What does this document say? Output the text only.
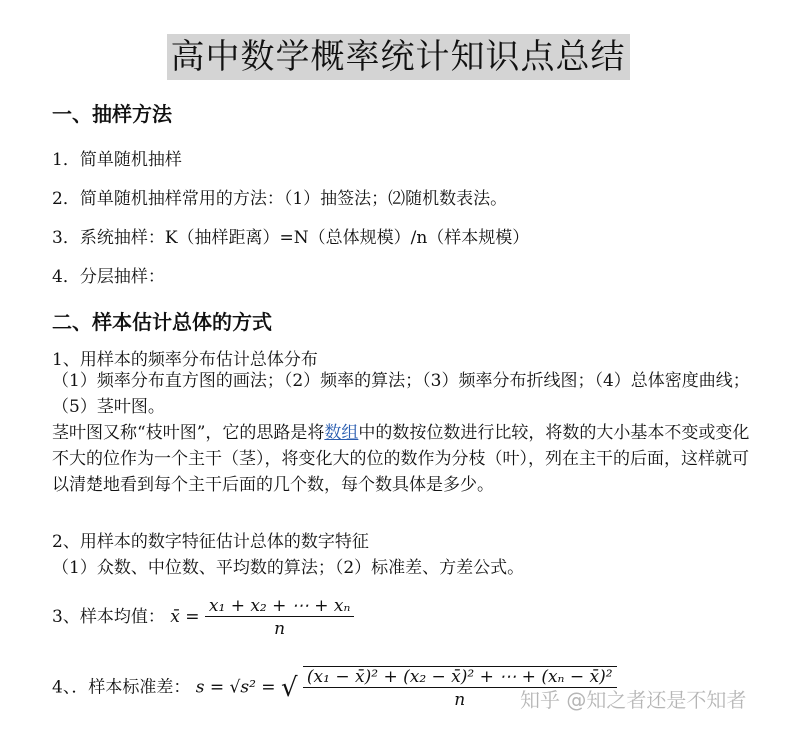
高中数学概率统计知识点总结
一、抽样方法
1．简单随机抽样
2．简单随机抽样常用的方法：（1）抽签法；⑵随机数表法。
3．系统抽样：K（抽样距离）=N（总体规模）/n（样本规模）
4．分层抽样：
二、样本估计总体的方式
1、用样本的频率分布估计总体分布
（1）频率分布直方图的画法；（2）频率的算法；（3）频率分布折线图；（4）总体密度曲线；（5）茎叶图。
茎叶图又称“枝叶图”，它的思路是将数组中的数按位数进行比较，将数的大小基本不变或变化不大的位作为一个主干（茎），将变化大的位的数作为分枝（叶），列在主干的后面，这样就可以清楚地看到每个主干后面的几个数，每个数具体是多少。
2、用样本的数字特征估计总体的数字特征
（1）众数、中位数、平均数的算法；（2）标准差、方差公式。
3、样本均值： x̄ = $\frac{\text{x₁ + x₂ + ⋯ + xₙ}}{n}$
4、．样本标准差： s = √s² = √ $\frac{\text{(x₁ − x̄)² + (x₂ − x̄)² + ⋯ + (xₙ − x̄)²}}{n}$
知乎 @知之者还是不知者
